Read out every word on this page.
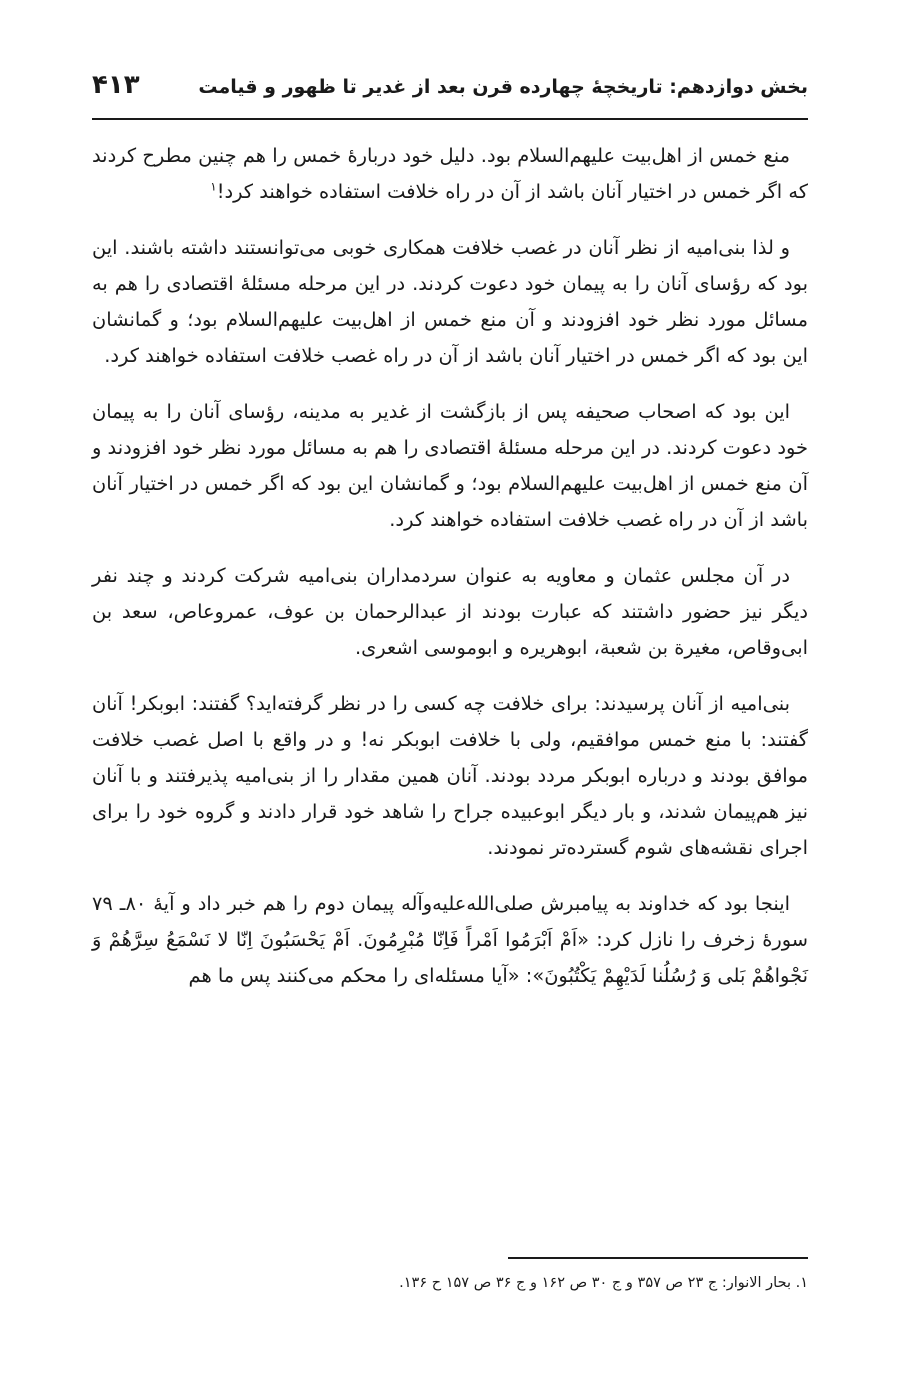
بخش دوازدهم: تاریخچهٔ چهارده قرن بعد از غدیر تا ظهور و قیامت
۴۱۳

منع خمس از اهل‌بیت علیهم‌السلام بود. دلیل خود دربارهٔ خمس را هم چنین مطرح کردند که اگر خمس در اختیار آنان باشد از آن در راه خلافت استفاده خواهند کرد!$^۱$

و لذا بنی‌امیه از نظر آنان در غصب خلافت همکاری خوبی می‌توانستند داشته باشند. این بود که رؤسای آنان را به پیمان خود دعوت کردند. در این مرحله مسئلهٔ اقتصادی را هم به مسائل مورد نظر خود افزودند و آن منع خمس از اهل‌بیت علیهم‌السلام بود؛ و گمانشان این بود که اگر خمس در اختیار آنان باشد از آن در راه غصب خلافت استفاده خواهند کرد.

این بود که اصحاب صحیفه پس از بازگشت از غدیر به مدینه، رؤسای آنان را به پیمان خود دعوت کردند. در این مرحله مسئلهٔ اقتصادی را هم به مسائل مورد نظر خود افزودند و آن منع خمس از اهل‌بیت علیهم‌السلام بود؛ و گمانشان این بود که اگر خمس در اختیار آنان باشد از آن در راه غصب خلافت استفاده خواهند کرد.

در آن مجلس عثمان و معاویه به عنوان سردمداران بنی‌امیه شرکت کردند و چند نفر دیگر نیز حضور داشتند که عبارت بودند از عبدالرحمان بن عوف، عمروعاص، سعد بن ابی‌وقاص، مغیرة بن شعبة، ابوهریره و ابوموسی اشعری.

بنی‌امیه از آنان پرسیدند: برای خلافت چه کسی را در نظر گرفته‌اید؟ گفتند: ابوبکر! آنان گفتند: با منع خمس موافقیم، ولی با خلافت ابوبکر نه! و در واقع با اصل غصب خلافت موافق بودند و درباره ابوبکر مردد بودند. آنان همین مقدار را از بنی‌امیه پذیرفتند و با آنان نیز هم‌پیمان شدند، و بار دیگر ابوعبیده جراح را شاهد خود قرار دادند و گروه خود را برای اجرای نقشه‌های شوم گسترده‌تر نمودند.

اینجا بود که خداوند به پیامبرش صلی‌الله‌علیه‌وآله پیمان دوم را هم خبر داد و آیهٔ ۸۰ـ ۷۹ سورهٔ زخرف را نازل کرد: «اَمْ اَبْرَمُوا اَمْراً فَاِنّا مُبْرِمُونَ. اَمْ یَحْسَبُونَ اِنّا لا نَسْمَعُ سِرَّهُمْ وَ نَجْواهُمْ بَلی وَ رُسُلُنا لَدَیْهِمْ یَکْتُبُونَ»: «آیا مسئله‌ای را محکم می‌کنند پس ما هم

۱. بحار الانوار: ج ۲۳ ص ۳۵۷ و ج ۳۰ ص ۱۶۲ و ج ۳۶ ص ۱۵۷ ح ۱۳۶.
